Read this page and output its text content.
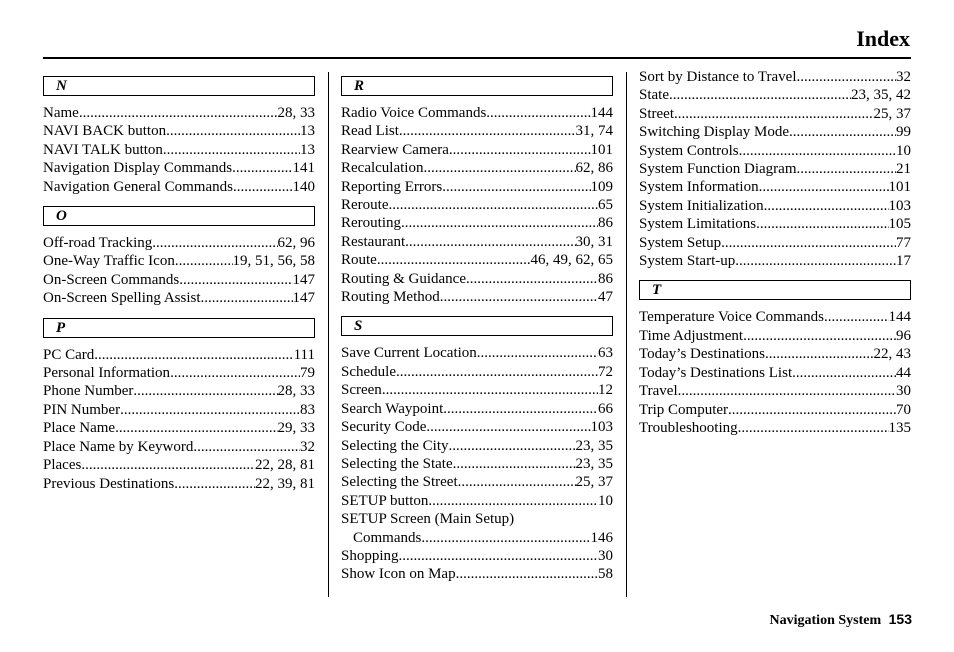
Index
N
Name .....	28, 33
NAVI BACK button .....	13
NAVI TALK button .....	13
Navigation Display Commands .....	141
Navigation General Commands .....	140
O
Off-road Tracking .....	62, 96
One-Way Traffic Icon .....	19, 51, 56, 58
On-Screen Commands .....	147
On-Screen Spelling Assist .....	147
P
PC Card .....	111
Personal Information .....	79
Phone Number .....	28, 33
PIN Number .....	83
Place Name .....	29, 33
Place Name by Keyword .....	32
Places .....	22, 28, 81
Previous Destinations .....	22, 39, 81
R
Radio Voice Commands .....	144
Read List .....	31, 74
Rearview Camera .....	101
Recalculation .....	62, 86
Reporting Errors .....	109
Reroute .....	65
Rerouting .....	86
Restaurant .....	30, 31
Route .....	46, 49, 62, 65
Routing & Guidance .....	86
Routing Method .....	47
S
Save Current Location .....	63
Schedule .....	72
Screen .....	12
Search Waypoint .....	66
Security Code .....	103
Selecting the City .....	23, 35
Selecting the State .....	23, 35
Selecting the Street .....	25, 37
SETUP button .....	10
SETUP Screen (Main Setup)
Commands .....	146
Shopping .....	30
Show Icon on Map .....	58
Sort by Distance to Travel .....	32
State .....	23, 35, 42
Street .....	25, 37
Switching Display Mode .....	99
System Controls .....	10
System Function Diagram .....	21
System Information .....	101
System Initialization .....	103
System Limitations .....	105
System Setup .....	77
System Start-up .....	17
T
Temperature Voice Commands .....	144
Time Adjustment .....	96
Today’s Destinations .....	22, 43
Today’s Destinations List .....	44
Travel .....	30
Trip Computer .....	70
Troubleshooting .....	135
Navigation System 153
